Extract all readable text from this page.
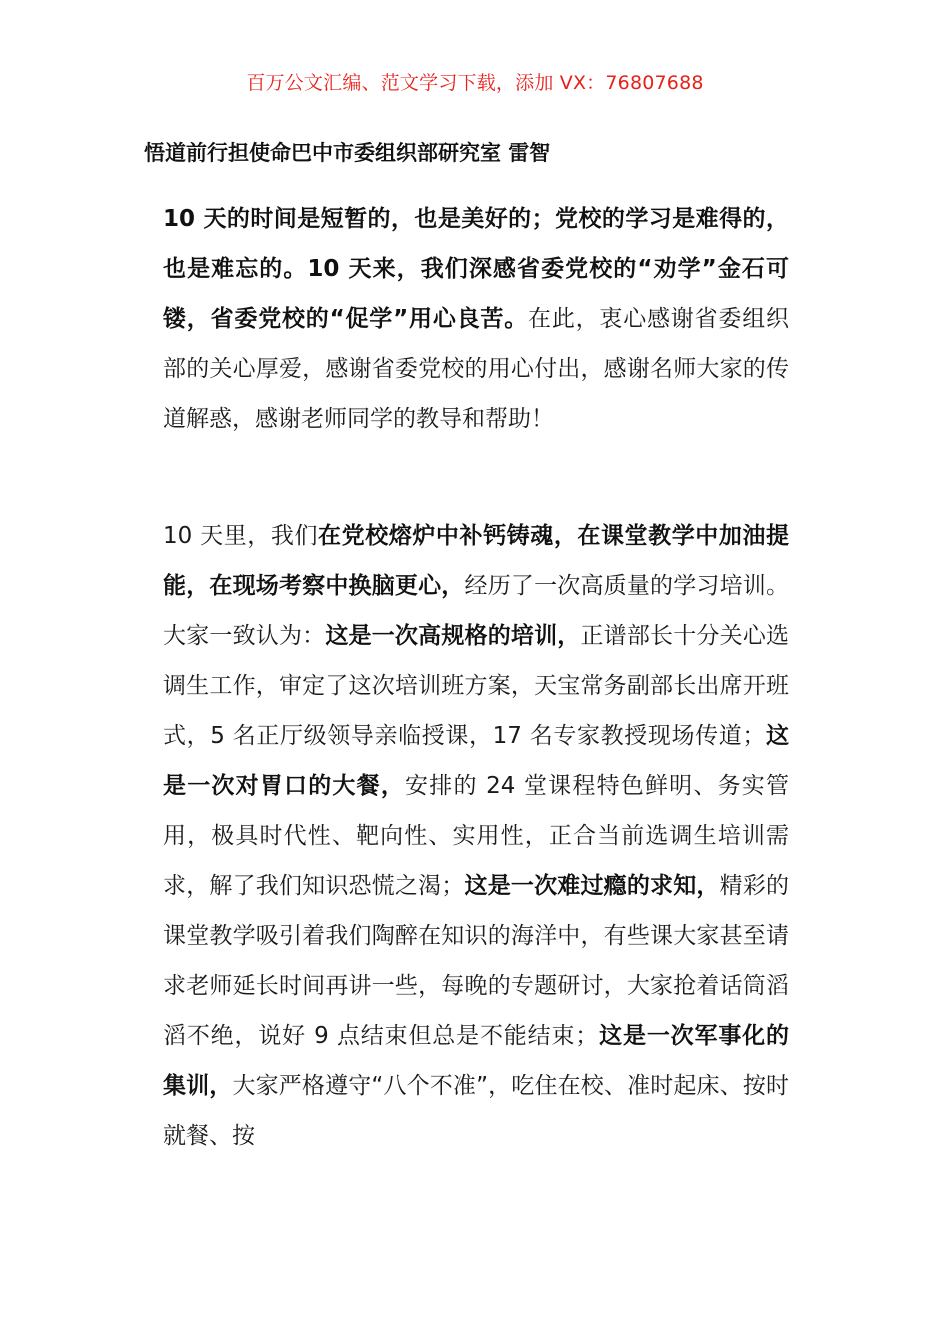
百万公文汇编、范文学习下载，添加 VX：76807688
悟道前行担使命巴中市委组织部研究室 雷智

10 天的时间是短暂的，也是美好的；党校的学习是难得的，也是难忘的。10 天来，我们深感省委党校的“劝学”金石可镂，省委党校的“促学”用心良苦。在此，衷心感谢省委组织部的关心厚爱，感谢省委党校的用心付出，感谢名师大家的传道解惑，感谢老师同学的教导和帮助！

10 天里，我们在党校熔炉中补钙铸魂，在课堂教学中加油提能，在现场考察中换脑更心，经历了一次高质量的学习培训。大家一致认为：这是一次高规格的培训，正谱部长十分关心选调生工作，审定了这次培训班方案，天宝常务副部长出席开班式，5 名正厅级领导亲临授课，17 名专家教授现场传道；这是一次对胃口的大餐，安排的 24 堂课程特色鲜明、务实管用，极具时代性、靶向性、实用性，正合当前选调生培训需求，解了我们知识恐慌之渴；这是一次难过瘾的求知，精彩的课堂教学吸引着我们陶醉在知识的海洋中，有些课大家甚至请求老师延长时间再讲一些，每晚的专题研讨，大家抢着话筒滔滔不绝，说好 9 点结束但总是不能结束；这是一次军事化的集训，大家严格遵守“八个不准”，吃住在校、准时起床、按时就餐、按
